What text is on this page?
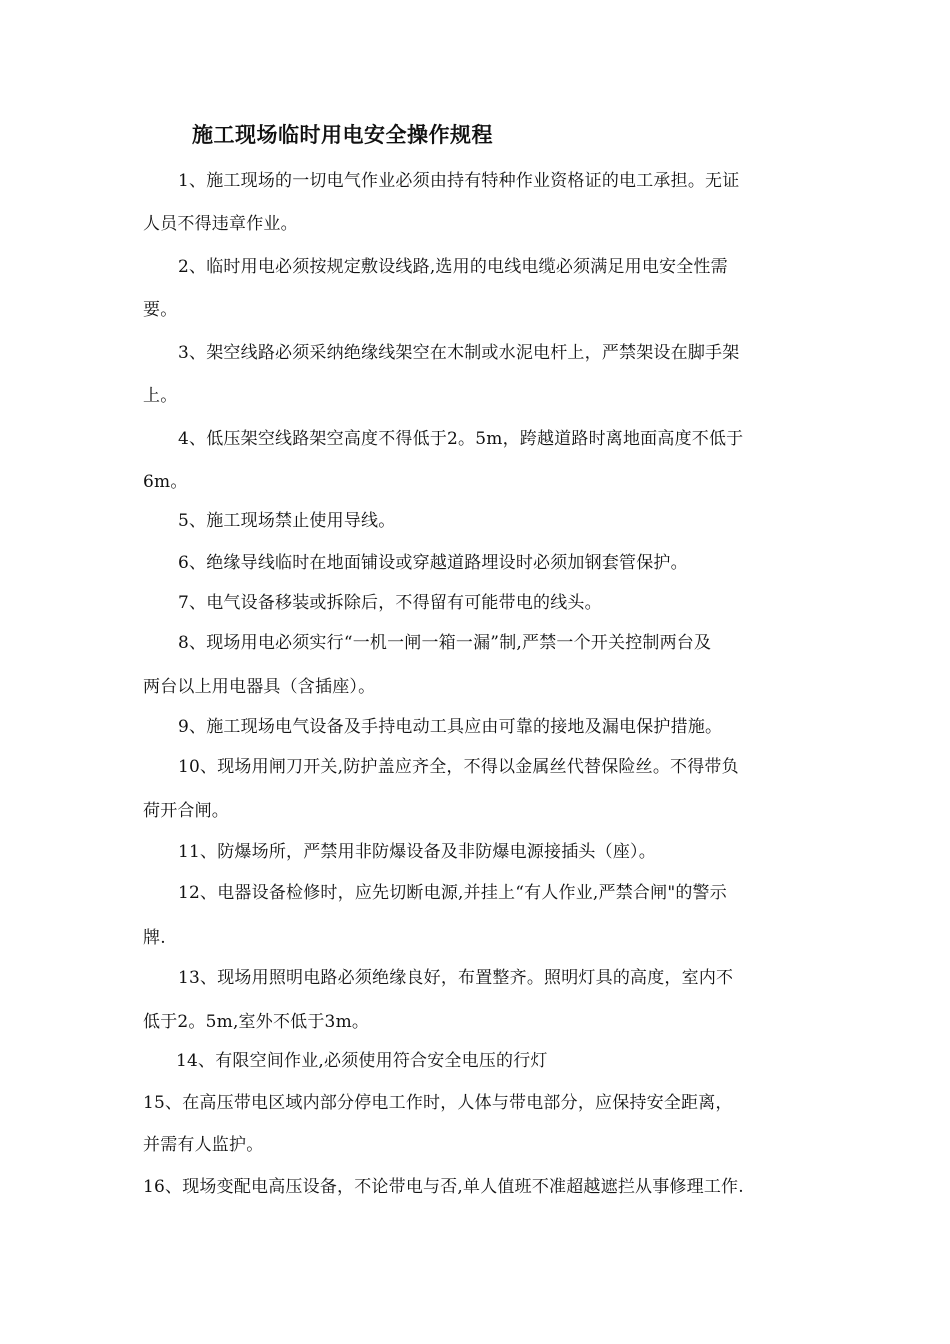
施工现场临时用电安全操作规程
1、施工现场的一切电气作业必须由持有特种作业资格证的电工承担。无证
人员不得违章作业。
2、临时用电必须按规定敷设线路,选用的电线电缆必须满足用电安全性需
要。
3、架空线路必须采纳绝缘线架空在木制或水泥电杆上，严禁架设在脚手架
上。
4、低压架空线路架空高度不得低于2。5m，跨越道路时离地面高度不低于
6m。
5、施工现场禁止使用导线。
6、绝缘导线临时在地面铺设或穿越道路埋设时必须加钢套管保护。
7、电气设备移装或拆除后，不得留有可能带电的线头。
8、现场用电必须实行“一机一闸一箱一漏”制,严禁一个开关控制两台及
两台以上用电器具（含插座）。
9、施工现场电气设备及手持电动工具应由可靠的接地及漏电保护措施。
10、现场用闸刀开关,防护盖应齐全，不得以金属丝代替保险丝。不得带负
荷开合闸。
11、防爆场所，严禁用非防爆设备及非防爆电源接插头（座）。
12、电器设备检修时，应先切断电源,并挂上“有人作业,严禁合闸"的警示
牌.
13、现场用照明电路必须绝缘良好，布置整齐。照明灯具的高度，室内不
低于2。5m,室外不低于3m。
14、有限空间作业,必须使用符合安全电压的行灯
15、在高压带电区域内部分停电工作时，人体与带电部分，应保持安全距离，
并需有人监护。
16、现场变配电高压设备，不论带电与否,单人值班不准超越遮拦从事修理工作.
